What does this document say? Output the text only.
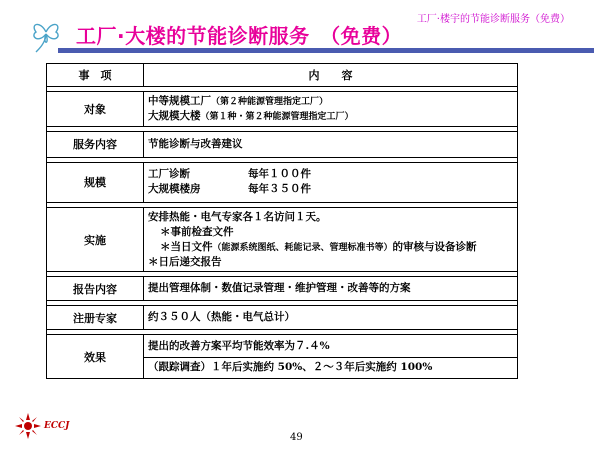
工厂·楼宇的节能诊断服务（免费）
工厂·大楼的节能诊断服务　（免费）
事　项	内　　容

对象	中等规模工厂（第２种能源管理指定工厂）
大规模大楼（第１种・第２种能源管理指定工厂）

服务内容	节能诊断与改善建议

规模	工厂诊断 每年１００件
大规模楼房 每年３５０件

实施	安排热能・电气专家各１名访问１天。
＊事前检查文件
＊当日文件（能源系统图纸、耗能记录、管理标准书等）的审核与设备诊断
＊日后递交报告

报告内容	提出管理体制・数值记录管理・维护管理・改善等的方案

注册专家	约３５０人（热能・电气总计）

效果	提出的改善方案平均节能效率为７.４%
（跟踪调查）１年后实施约 50%、２～３年后实施约 100%
ECCJ
49
